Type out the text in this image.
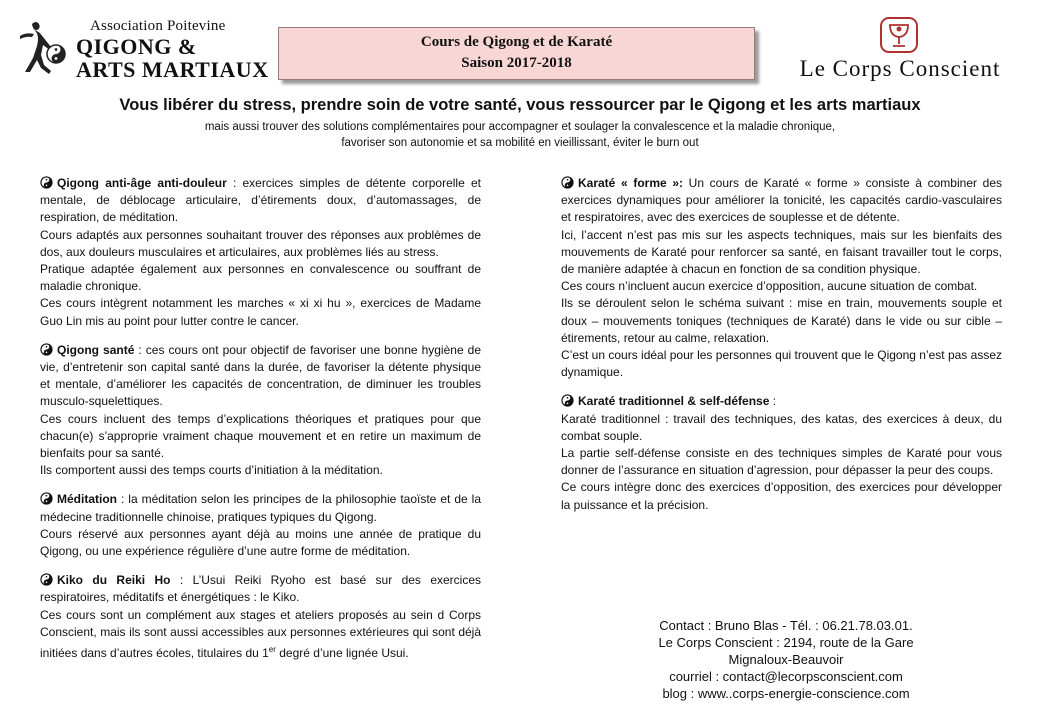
Association Poitevine
QIGONG &
ARTS MARTIAUX
Cours de Qigong et de Karaté
Saison 2017-2018	Le Corps Conscient
Vous libérer du stress, prendre soin de votre santé, vous ressourcer par le Qigong et les arts martiaux
mais aussi trouver des solutions complémentaires pour accompagner et soulager la convalescence et la maladie chronique,
favoriser son autonomie et sa mobilité en vieillissant, éviter le burn out

Qigong anti-âge anti-douleur : exercices simples de détente corporelle et mentale, de déblocage articulaire, d’étirements doux, d’automassages, de respiration, de méditation.

Cours adaptés aux personnes souhaitant trouver des réponses aux problèmes de dos, aux douleurs musculaires et articulaires, aux problèmes liés au stress.

Pratique adaptée également aux personnes en convalescence ou souffrant de maladie chronique.

Ces cours intègrent notamment les marches « xi xi hu », exercices de Madame Guo Lin mis au point pour lutter contre le cancer.

Qigong santé : ces cours ont pour objectif de favoriser une bonne hygiène de vie, d’entretenir son capital santé dans la durée, de favoriser la détente physique et mentale, d’améliorer les capacités de concentration, de diminuer les troubles musculo-squelettiques.

Ces cours incluent des temps d’explications théoriques et pratiques pour que chacun(e) s’approprie vraiment chaque mouvement et en retire un maximum de bienfaits pour sa santé.

Ils comportent aussi des temps courts d’initiation à la méditation.

Méditation : la méditation selon les principes de la philosophie taoïste et de la médecine traditionnelle chinoise, pratiques typiques du Qigong.

Cours réservé aux personnes ayant déjà au moins une année de pratique du Qigong, ou une expérience régulière d’une autre forme de méditation.

Kiko du Reiki Ho : L’Usui Reiki Ryoho est basé sur des exercices respiratoires, méditatifs et énergétiques : le Kiko.

Ces cours sont un complément aux stages et ateliers proposés au sein d Corps Conscient, mais ils sont aussi accessibles aux personnes extérieures qui sont déjà initiées dans d’autres écoles, titulaires du 1er degré d’une lignée Usui.

Karaté « forme »: Un cours de Karaté « forme » consiste à combiner des exercices dynamiques pour améliorer la tonicité, les capacités cardio-vasculaires et respiratoires, avec des exercices de souplesse et de détente.

Ici, l’accent n’est pas mis sur les aspects techniques, mais sur les bienfaits des mouvements de Karaté pour renforcer sa santé, en faisant travailler tout le corps, de manière adaptée à chacun en fonction de sa condition physique.

Ces cours n’incluent aucun exercice d’opposition, aucune situation de combat.

Ils se déroulent selon le schéma suivant : mise en train, mouvements souple et doux – mouvements toniques (techniques de Karaté) dans le vide ou sur cible – étirements, retour au calme, relaxation.

C’est un cours idéal pour les personnes qui trouvent que le Qigong n’est pas assez dynamique.

Karaté traditionnel & self-défense :

Karaté traditionnel : travail des techniques, des katas, des exercices à deux, du combat souple.

La partie self-défense consiste en des techniques simples de Karaté pour vous donner de l’assurance en situation d’agression, pour dépasser la peur des coups.

Ce cours intègre donc des exercices d’opposition, des exercices pour développer la puissance et la précision.

Contact : Bruno Blas - Tél. : 06.21.78.03.01.
Le Corps Conscient : 2194, route de la Gare
Mignaloux-Beauvoir
courriel : contact@lecorpsconscient.com
blog : www..corps-energie-conscience.com
